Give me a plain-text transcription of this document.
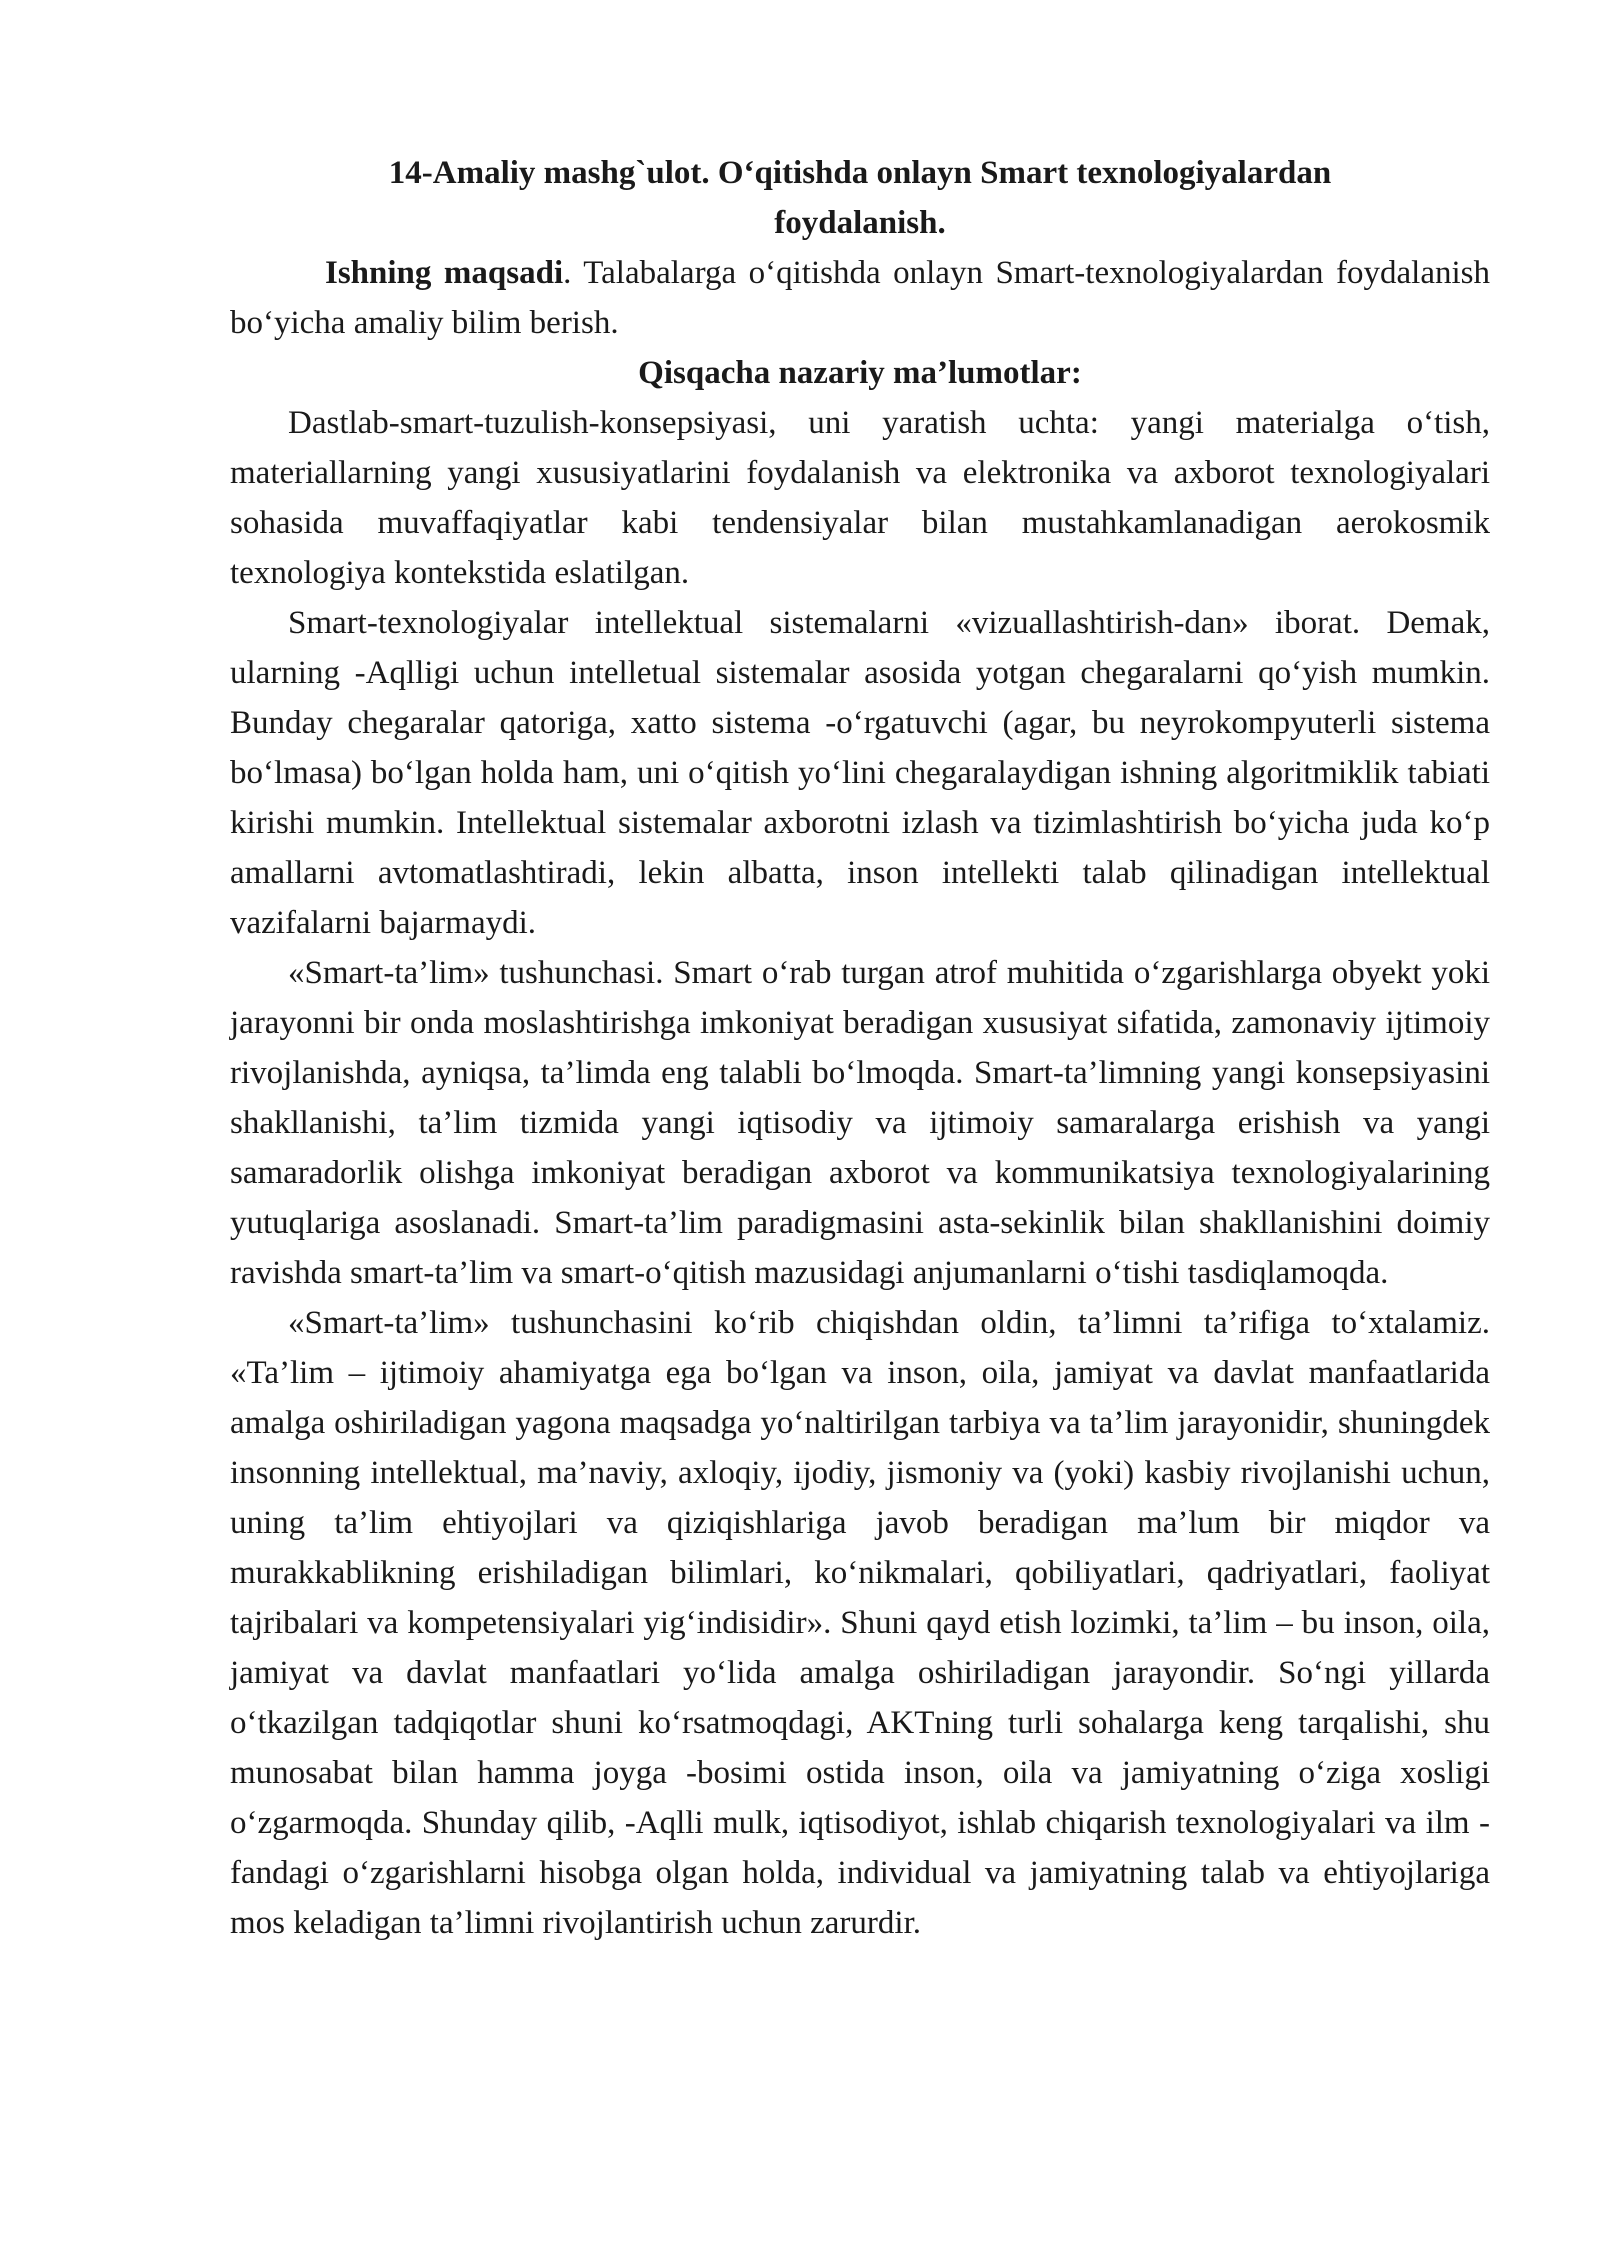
14-Amaliy mashg`ulot. O‘qitishda onlayn Smart texnologiyalardan foydalanish.

Ishning maqsadi. Talabalarga o‘qitishda onlayn Smart-texnologiyalardan foydalanish bo‘yicha amaliy bilim berish.

Qisqacha nazariy ma’lumotlar:

Dastlab-smart-tuzulish-konsepsiyasi, uni yaratish uchta: yangi materialga o‘tish, materiallarning yangi xususiyatlarini foydalanish va elektronika va axborot texnologiyalari sohasida muvaffaqiyatlar kabi tendensiyalar bilan mustahkamlanadigan aerokosmik texnologiya kontekstida eslatilgan.

Smart-texnologiyalar intellektual sistemalarni «vizuallashtirish-dan» iborat. Demak, ularning -Aqlligi uchun intelletual sistemalar asosida yotgan chegaralarni qo‘yish mumkin. Bunday chegaralar qatoriga, xatto sistema -o‘rgatuvchi (agar, bu neyrokompyuterli sistema bo‘lmasa) bo‘lgan holda ham, uni o‘qitish yo‘lini chegaralaydigan ishning algoritmiklik tabiati kirishi mumkin. Intellektual sistemalar axborotni izlash va tizimlashtirish bo‘yicha juda ko‘p amallarni avtomatlashtiradi, lekin albatta, inson intellekti talab qilinadigan intellektual vazifalarni bajarmaydi.

«Smart-ta’lim» tushunchasi. Smart o‘rab turgan atrof muhitida o‘zgarishlarga obyekt yoki jarayonni bir onda moslashtirishga imkoniyat beradigan xususiyat sifatida, zamonaviy ijtimoiy rivojlanishda, ayniqsa, ta’limda eng talabli bo‘lmoqda. Smart-ta’limning yangi konsepsiyasini shakllanishi, ta’lim tizmida yangi iqtisodiy va ijtimoiy samaralarga erishish va yangi samaradorlik olishga imkoniyat beradigan axborot va kommunikatsiya texnologiyalarining yutuqlariga asoslanadi. Smart-ta’lim paradigmasini asta-sekinlik bilan shakllanishini doimiy ravishda smart-ta’lim va smart-o‘qitish mazusidagi anjumanlarni o‘tishi tasdiqlamoqda.

«Smart-ta’lim» tushunchasini ko‘rib chiqishdan oldin, ta’limni ta’rifiga to‘xtalamiz. «Ta’lim – ijtimoiy ahamiyatga ega bo‘lgan va inson, oila, jamiyat va davlat manfaatlarida amalga oshiriladigan yagona maqsadga yo‘naltirilgan tarbiya va ta’lim jarayonidir, shuningdek insonning intellektual, ma’naviy, axloqiy, ijodiy, jismoniy va (yoki) kasbiy rivojlanishi uchun, uning ta’lim ehtiyojlari va qiziqishlariga javob beradigan ma’lum bir miqdor va murakkablikning erishiladigan bilimlari, ko‘nikmalari, qobiliyatlari, qadriyatlari, faoliyat tajribalari va kompetensiyalari yig‘indisidir». Shuni qayd etish lozimki, ta’lim – bu inson, oila, jamiyat va davlat manfaatlari yo‘lida amalga oshiriladigan jarayondir. So‘ngi yillarda o‘tkazilgan tadqiqotlar shuni ko‘rsatmoqdagi, AKTning turli sohalarga keng tarqalishi, shu munosabat bilan hamma joyga -bosimi ostida inson, oila va jamiyatning o‘ziga xosligi o‘zgarmoqda. Shunday qilib, -Aqlli mulk, iqtisodiyot, ishlab chiqarish texnologiyalari va ilm - fandagi o‘zgarishlarni hisobga olgan holda, individual va jamiyatning talab va ehtiyojlariga mos keladigan ta’limni rivojlantirish uchun zarurdir.
